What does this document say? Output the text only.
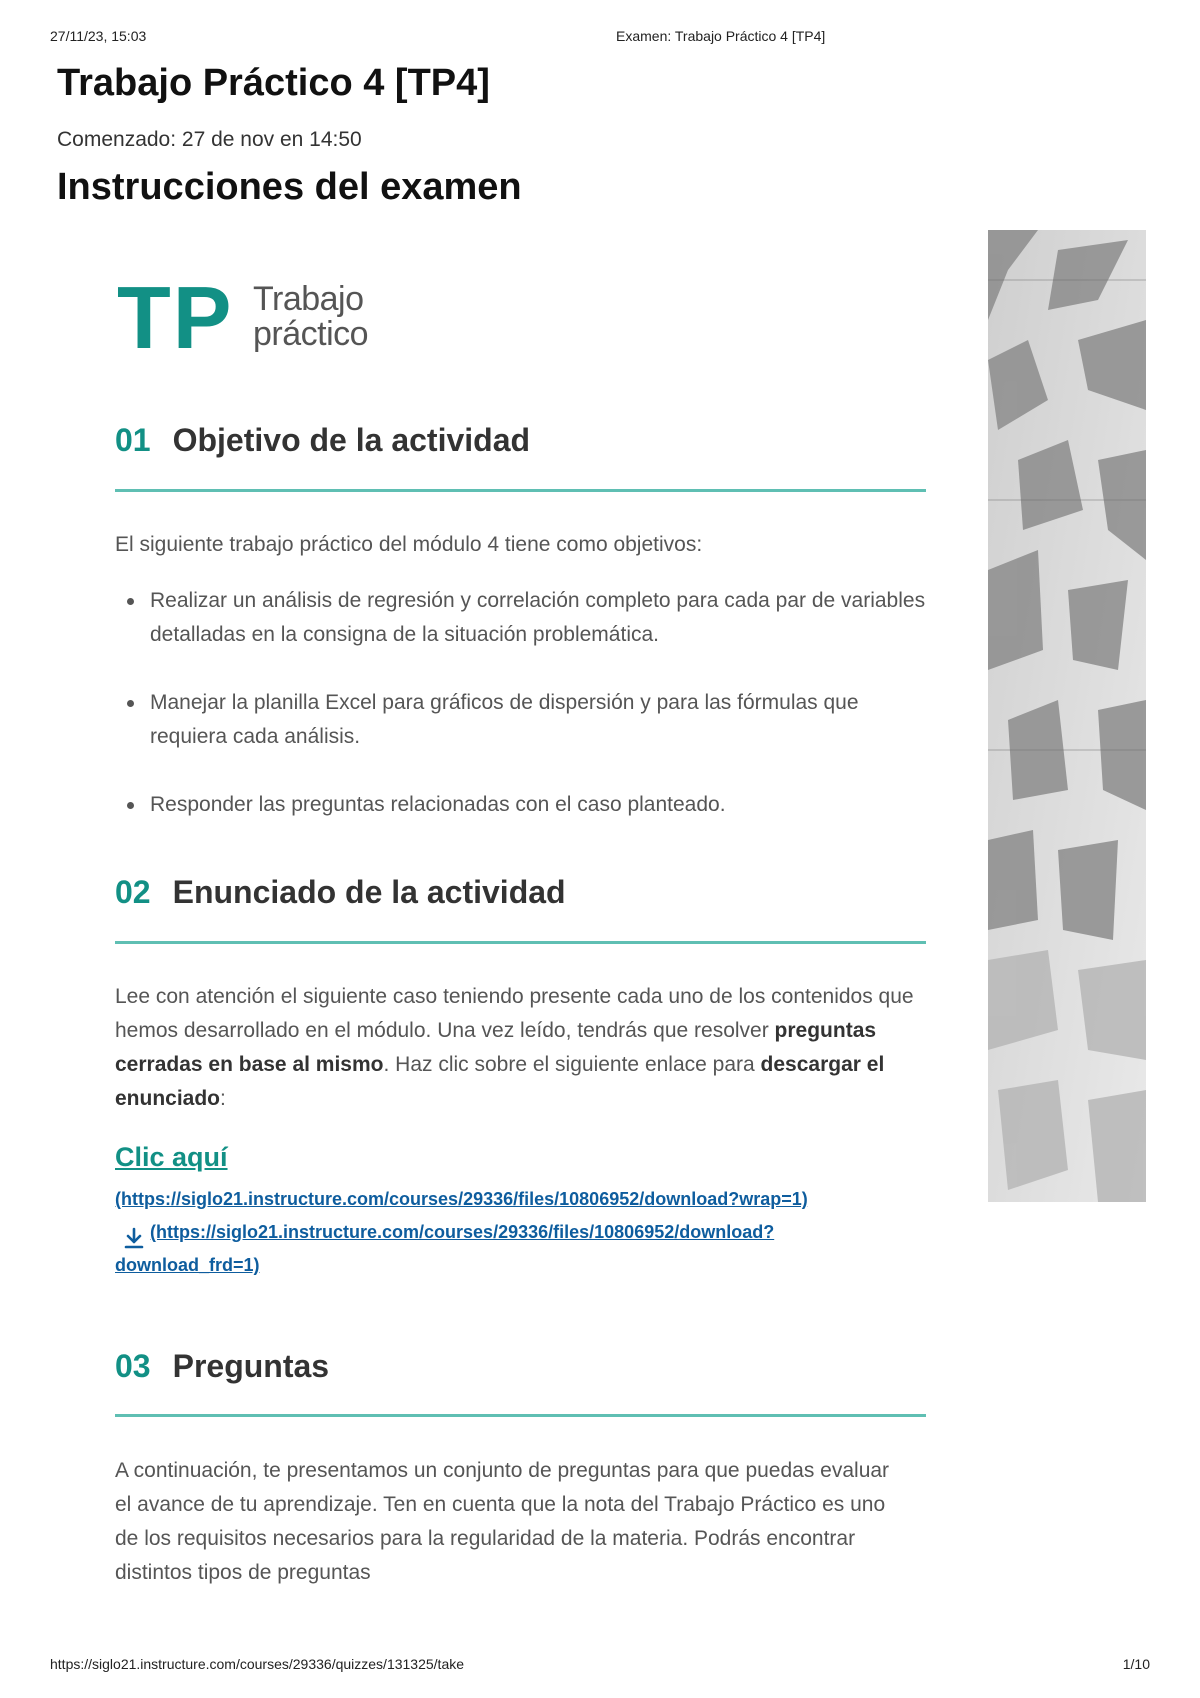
27/11/23, 15:03	Examen: Trabajo Práctico 4 [TP4]
Trabajo Práctico 4 [TP4]
Comenzado: 27 de nov en 14:50
Instrucciones del examen
TP Trabajo
práctico
01 Objetivo de la actividad
El siguiente trabajo práctico del módulo 4 tiene como objetivos:
Realizar un análisis de regresión y correlación completo para cada par de variables detalladas en la consigna de la situación problemática.
Manejar la planilla Excel para gráficos de dispersión y para las fórmulas que requiera cada análisis.
Responder las preguntas relacionadas con el caso planteado.
02 Enunciado de la actividad
Lee con atención el siguiente caso teniendo presente cada uno de los contenidos que hemos desarrollado en el módulo. Una vez leído, tendrás que resolver preguntas cerradas en base al mismo. Haz clic sobre el siguiente enlace para descargar el enunciado:
Clic aquí
(https://siglo21.instructure.com/courses/29336/files/10806952/download?wrap=1)
(https://siglo21.instructure.com/courses/29336/files/10806952/download?
download_frd=1)
03 Preguntas
A continuación, te presentamos un conjunto de preguntas para que puedas evaluar el avance de tu aprendizaje. Ten en cuenta que la nota del Trabajo Práctico es uno de los requisitos necesarios para la regularidad de la materia. Podrás encontrar distintos tipos de preguntas
https://siglo21.instructure.com/courses/29336/quizzes/131325/take	1/10
